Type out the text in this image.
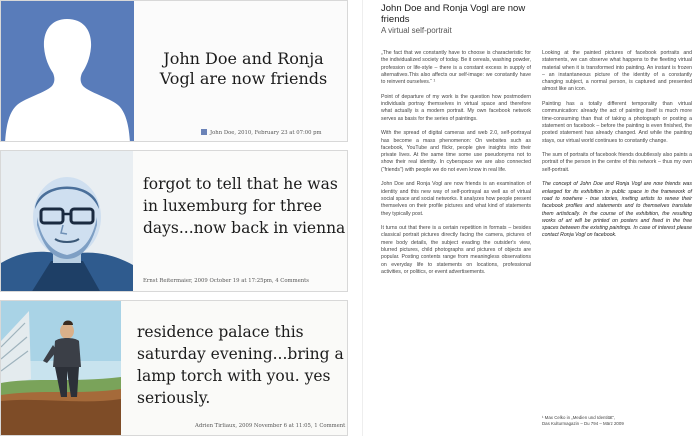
John Doe and Ronja Vogl are now friends
John Doe, 2010, February 23 at 07:00 pm
forgot to tell that he was in luxemburg for three days...now back in vienna
Ernst Reitermaier, 2009 October 19 at 17:25pm, 4 Comments
residence palace this saturday evening...bring a lamp torch with you. yes seriously.
Adrien Tirliaux, 2009 November 6 at 11:05, 1 Comment
John Doe and Ronja Vogl are now friends
A virtual self-portrait

„The fact that we constantly have to choose is characteristic for the individualized society of today. Be it cereals, washing powder, profession or life-style – there is a constant excess in supply of alternatives.This also affects our self-image: we constantly have to reinvent ourselves.“ ¹

Point of departure of my work is the question how postmodern individuals portray themselves in virtual space and therefore what actually is a modern portrait. My own facebook network serves as basis for the series of paintings.

With the spread of digital cameras and web 2.0, self-portrayal has become a mass phenomenon: On websites such as facebook, YouTube and flickr, people give insights into their private lives. At the same time some use pseudonyms not to show their real identity. In cyberspace we are also connected (“friends”) with people we do not even know in real life.

John Doe and Ronja Vogl are now friends is an examination of identity and this new way of self-portrayal as well as of virtual social space and social networks. It analyzes how people present themselves on their profile pictures and what kind of statements they typically post.

It turns out that there is a certain repetition in formats – besides classical portrait pictures directly facing the camera, pictures of mere body details, the subject evading the outsider's view, blurred pictures, child photographs and pictures of objects are popular. Posting contents range from meaningless observations on everyday life to statements on locations, professional activities, or politics, or event advertisements.

Looking at the painted pictures of facebook portraits and statements, we can observe what happens to the fleeting virtual material when it is transformed into painting. An instant is frozen – an instantaneous picture of the identity of a constantly changing subject, a normal person, is captured and presented almost like an icon.

Painting has a totally different temporality than virtual communication: already the act of painting itself is much more time-consuming than that of taking a photograph or posting a statement on facebook – before the painting is even finished, the posted statement has already changed. And while the painting stays, our virtual world continues to constantly change.

The sum of portraits of facebook friends doubtlessly also paints a portrait of the person in the centre of this network – thus my own self-portrait.

The concept of John Doe and Ronja Vogl are now friends was enlarged for its exhibition in public space in the framework of road to nowhere - true stories, inviting artists to renew their facebook profiles and statements and to themselves translate them artistically. In the course of the exhibition, the resulting works of art will be printed on posters and fixed in the free spaces between the existing paintings. In case of interest please contact Ronja Vogl on facebook.

¹ Max Celko in „Medien und Identität“,
Das Kulturmagazin – Du 794 – März 2009
